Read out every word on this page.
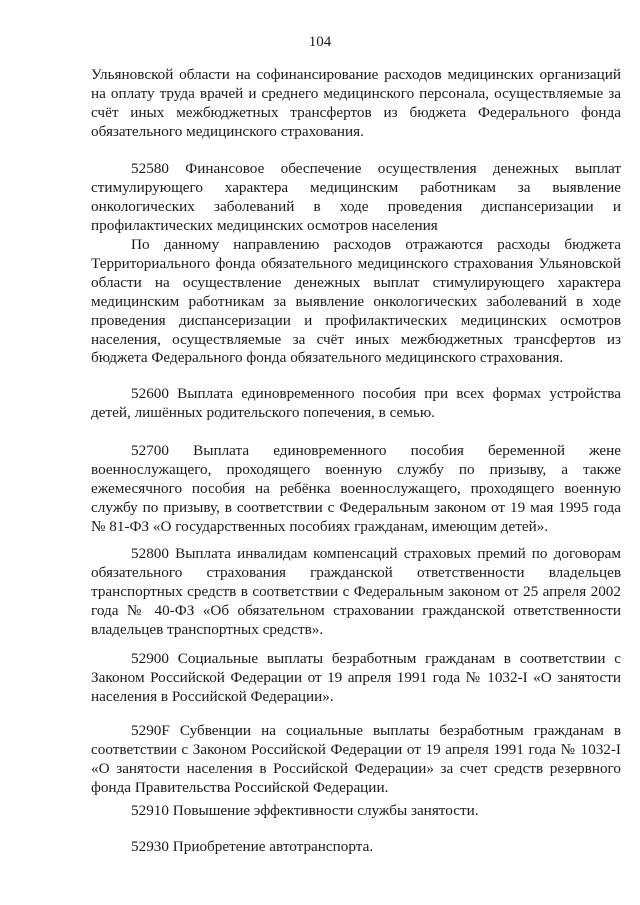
104

Ульяновской области на софинансирование расходов медицинских организаций на оплату труда врачей и среднего медицинского персонала, осуществляемые за счёт иных межбюджетных трансфертов из бюджета Федерального фонда обязательного медицинского страхования.

52580 Финансовое обеспечение осуществления денежных выплат стимулирующего характера медицинским работникам за выявление онкологических заболеваний в ходе проведения диспансеризации и профилактических медицинских осмотров населения

По данному направлению расходов отражаются расходы бюджета Территориального фонда обязательного медицинского страхования Ульяновской области на осуществление денежных выплат стимулирующего характера медицинским работникам за выявление онкологических заболеваний в ходе проведения диспансеризации и профилактических медицинских осмотров населения, осуществляемые за счёт иных межбюджетных трансфертов из бюджета Федерального фонда обязательного медицинского страхования.

52600 Выплата единовременного пособия при всех формах устройства детей, лишённых родительского попечения, в семью.

52700 Выплата единовременного пособия беременной жене военнослужащего, проходящего военную службу по призыву, а также ежемесячного пособия на ребёнка военнослужащего, проходящего военную службу по призыву, в соответствии с Федеральным законом от 19 мая 1995 года № 81-ФЗ «О государственных пособиях гражданам, имеющим детей».

52800 Выплата инвалидам компенсаций страховых премий по договорам обязательного страхования гражданской ответственности владельцев транспортных средств в соответствии с Федеральным законом от 25 апреля 2002 года № 40-ФЗ «Об обязательном страховании гражданской ответственности владельцев транспортных средств».

52900 Социальные выплаты безработным гражданам в соответствии с Законом Российской Федерации от 19 апреля 1991 года № 1032-I «О занятости населения в Российской Федерации».

5290F Субвенции на социальные выплаты безработным гражданам в соответствии с Законом Российской Федерации от 19 апреля 1991 года № 1032-I «О занятости населения в Российской Федерации» за счет средств резервного фонда Правительства Российской Федерации.

52910 Повышение эффективности службы занятости.

52930 Приобретение автотранспорта.
